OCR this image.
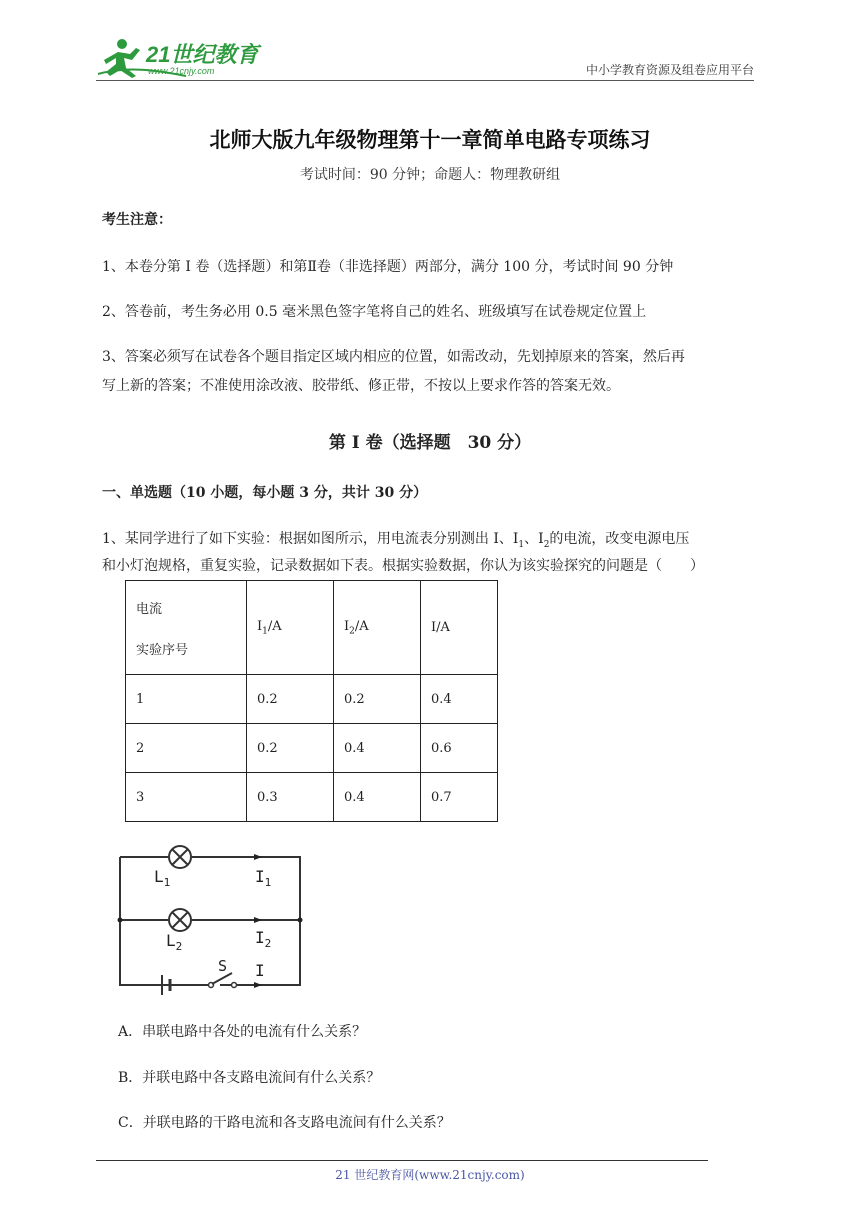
21世纪教育
www.21cnjy.com	中小学教育资源及组卷应用平台
北师大版九年级物理第十一章简单电路专项练习
考试时间：90 分钟；命题人：物理教研组
考生注意：
1、本卷分第 I 卷（选择题）和第Ⅱ卷（非选择题）两部分，满分 100 分，考试时间 90 分钟
2、答卷前，考生务必用 0.5 毫米黑色签字笔将自己的姓名、班级填写在试卷规定位置上
3、答案必须写在试卷各个题目指定区域内相应的位置，如需改动，先划掉原来的答案，然后再
写上新的答案；不准使用涂改液、胶带纸、修正带，不按以上要求作答的答案无效。
第 I 卷（选择题　30 分）
一、单选题（10 小题，每小题 3 分，共计 30 分）
1、某同学进行了如下实验：根据如图所示，用电流表分别测出 I、$I_1$、$I_2$的电流，改变电源电压
和小灯泡规格，重复实验，记录数据如下表。根据实验数据，你认为该实验探究的问题是（　　）
电流
实验序号	$I_1/A$	$I_2/A$	I/A
1	0.2	0.2	0.4
2	0.2	0.4	0.6
3	0.3	0.4	0.7
$L_1$	$I_1$
$L_2$	$I_2$
S I
A．串联电路中各处的电流有什么关系？
B．并联电路中各支路电流间有什么关系？
C．并联电路的干路电流和各支路电流间有什么关系？
21 世纪教育网(www.21cnjy.com)
